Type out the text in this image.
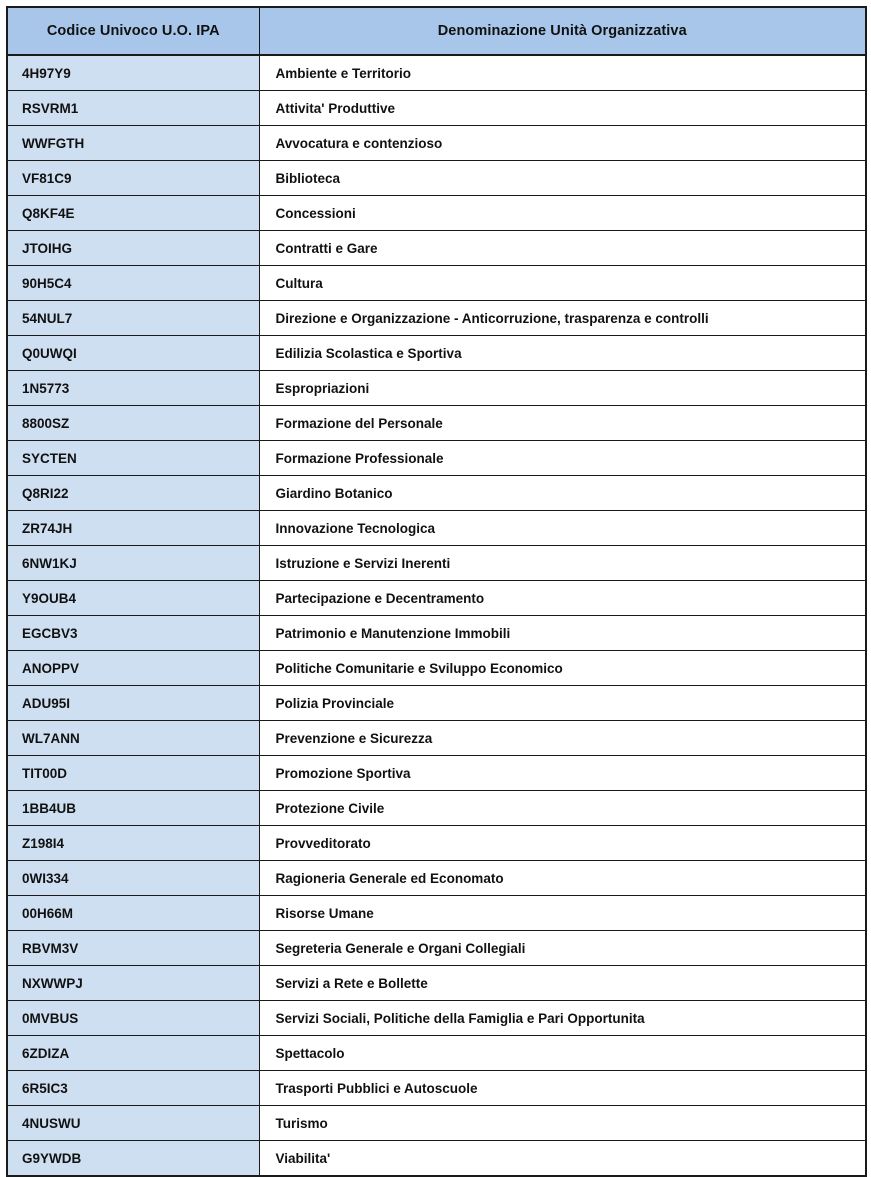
Codice Univoco U.O. IPA	Denominazione Unità Organizzativa
4H97Y9	Ambiente e Territorio
RSVRM1	Attivita' Produttive
WWFGTH	Avvocatura e contenzioso
VF81C9	Biblioteca
Q8KF4E	Concessioni
JTOIHG	Contratti e Gare
90H5C4	Cultura
54NUL7	Direzione e Organizzazione - Anticorruzione, trasparenza e controlli
Q0UWQI	Edilizia Scolastica e Sportiva
1N5773	Espropriazioni
8800SZ	Formazione del Personale
SYCTEN	Formazione Professionale
Q8RI22	Giardino Botanico
ZR74JH	Innovazione Tecnologica
6NW1KJ	Istruzione e Servizi Inerenti
Y9OUB4	Partecipazione e Decentramento
EGCBV3	Patrimonio e Manutenzione Immobili
ANOPPV	Politiche Comunitarie e Sviluppo Economico
ADU95I	Polizia Provinciale
WL7ANN	Prevenzione e Sicurezza
TIT00D	Promozione Sportiva
1BB4UB	Protezione Civile
Z198I4	Provveditorato
0WI334	Ragioneria Generale ed Economato
00H66M	Risorse Umane
RBVM3V	Segreteria Generale e Organi Collegiali
NXWWPJ	Servizi a Rete e Bollette
0MVBUS	Servizi Sociali, Politiche della Famiglia e Pari Opportunita
6ZDIZA	Spettacolo
6R5IC3	Trasporti Pubblici e Autoscuole
4NUSWU	Turismo
G9YWDB	Viabilita'
